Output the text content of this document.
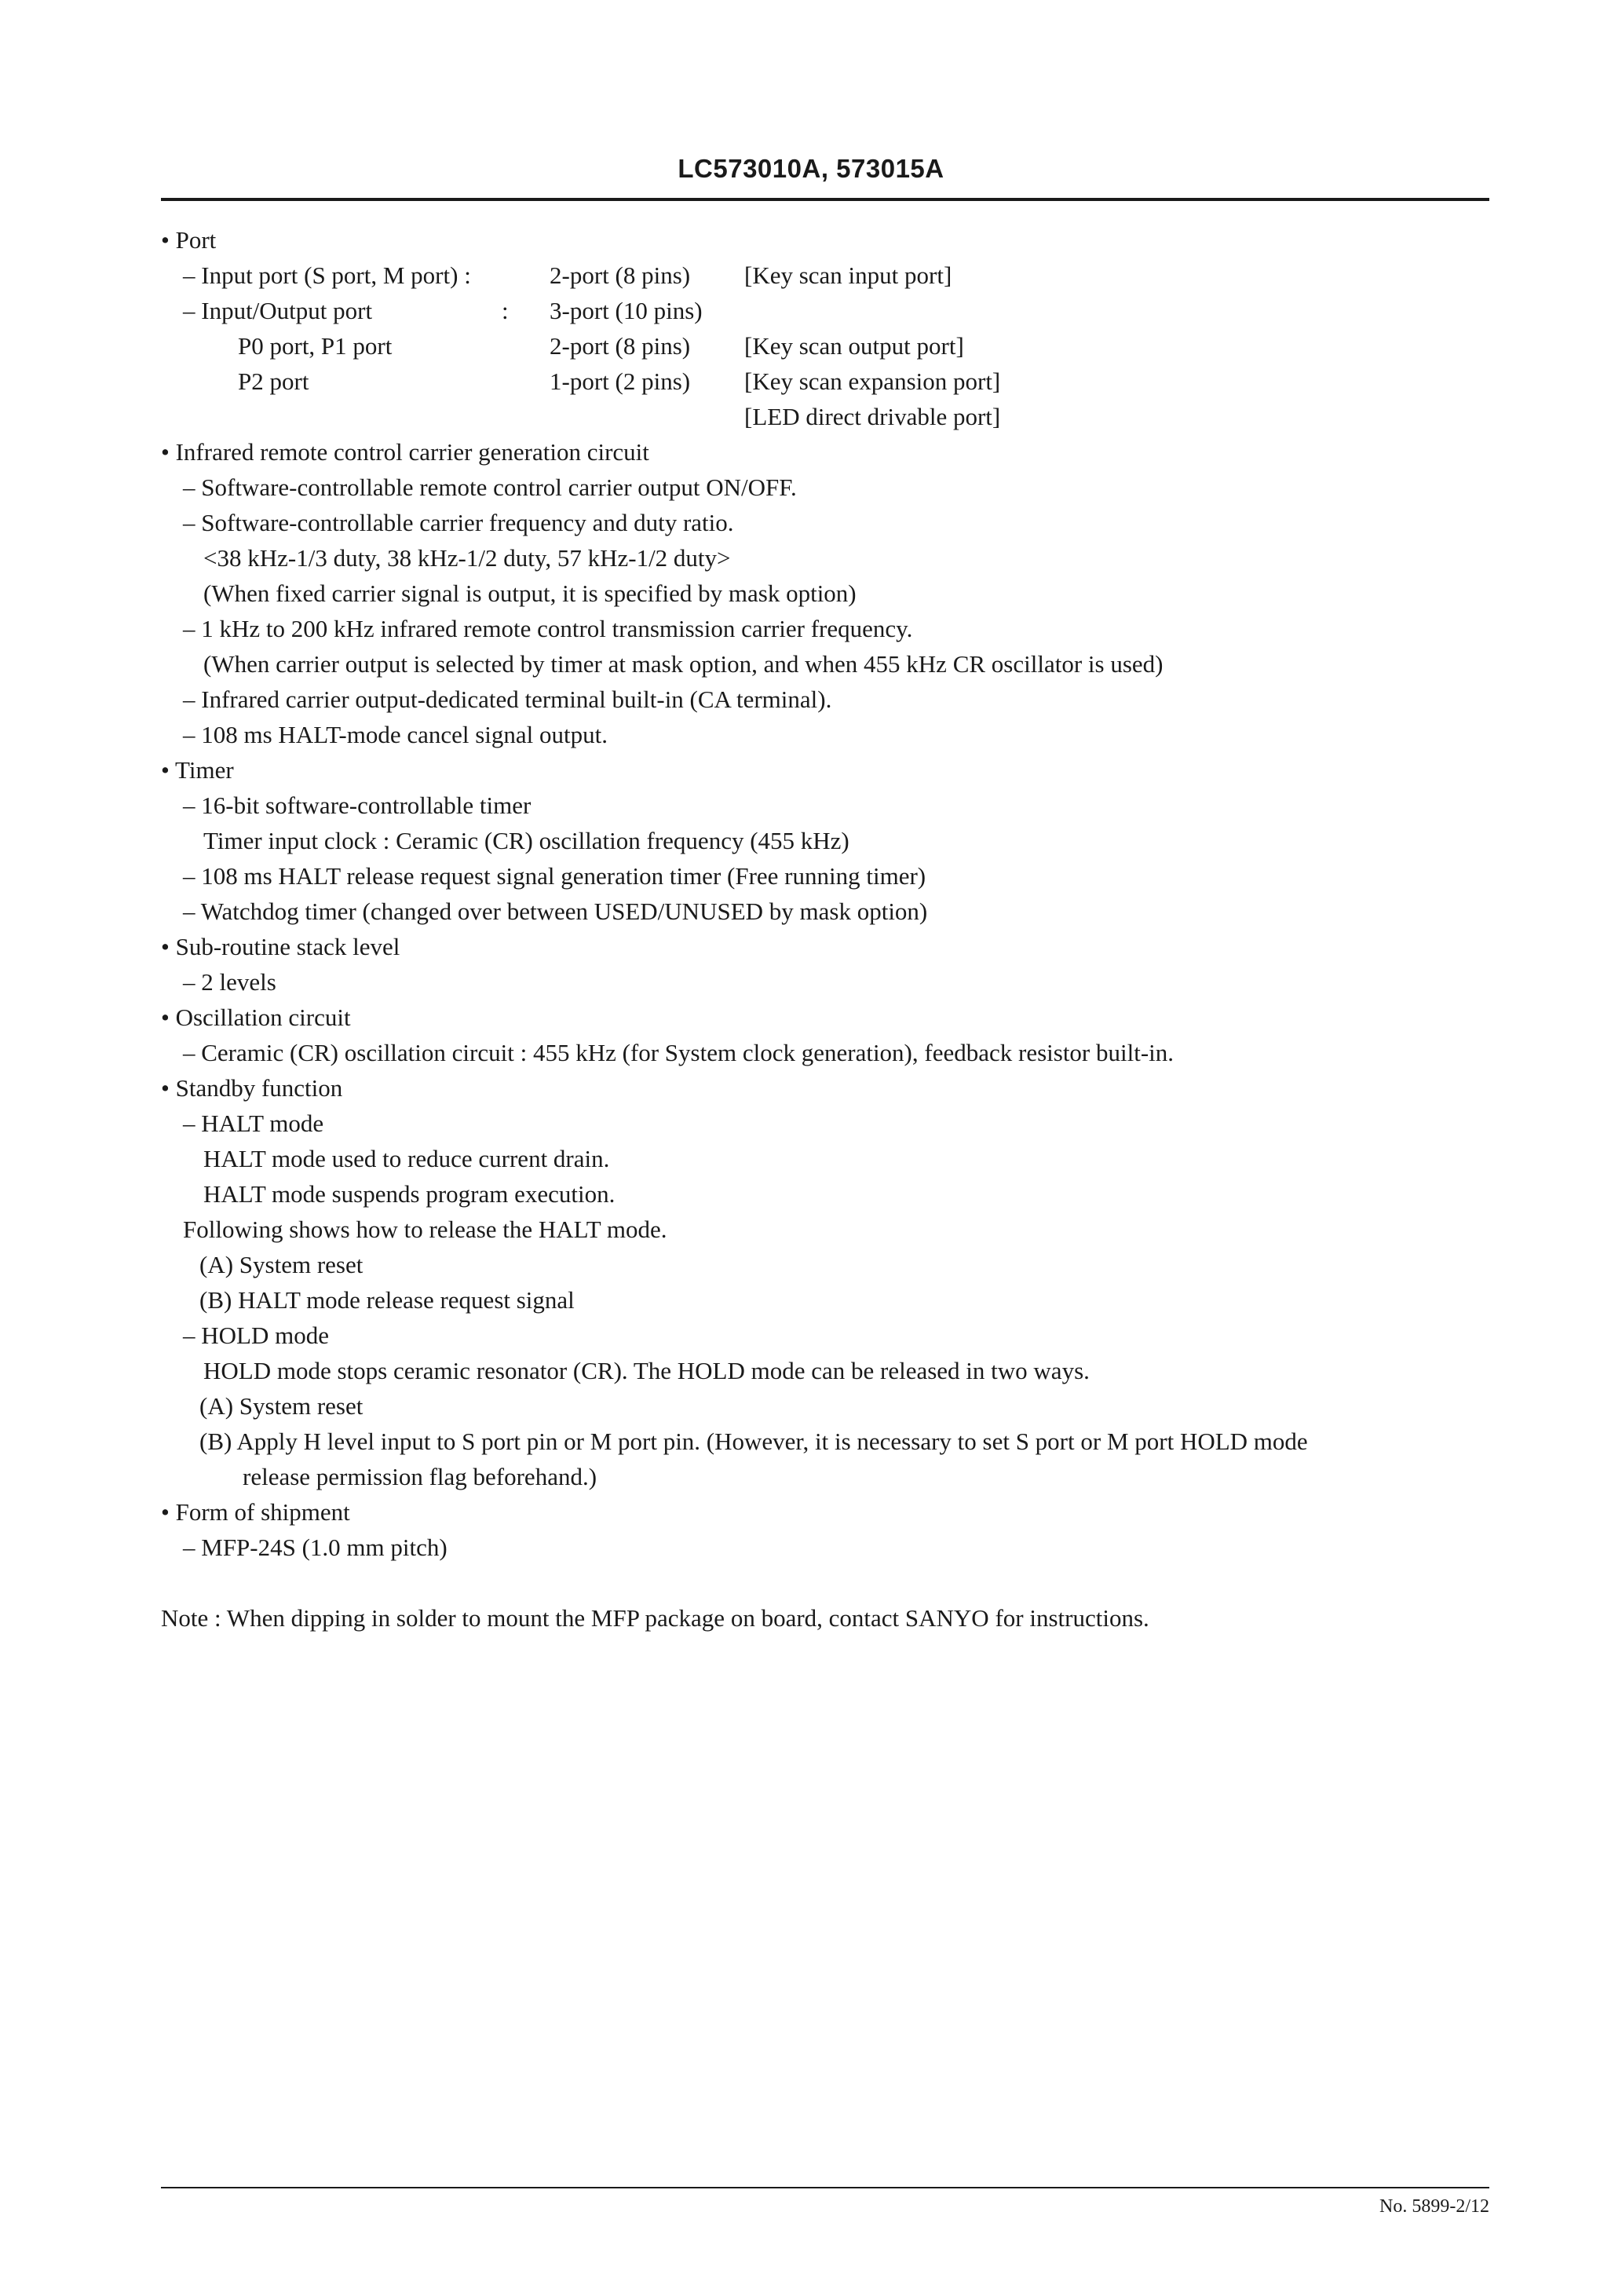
LC573010A, 573015A
• Port
– Input port (S port, M port) :	2-port (8 pins) [Key scan input port]
– Input/Output port	: 3-port (10 pins)
P0 port, P1 port	2-port (8 pins) [Key scan output port]
P2 port	1-port (2 pins) [Key scan expansion port]
[LED direct drivable port]
• Infrared remote control carrier generation circuit
– Software-controllable remote control carrier output ON/OFF.
– Software-controllable carrier frequency and duty ratio.
<38 kHz-1/3 duty, 38 kHz-1/2 duty, 57 kHz-1/2 duty>
(When fixed carrier signal is output, it is specified by mask option)
– 1 kHz to 200 kHz infrared remote control transmission carrier frequency.
(When carrier output is selected by timer at mask option, and when 455 kHz CR oscillator is used)
– Infrared carrier output-dedicated terminal built-in (CA terminal).
– 108 ms HALT-mode cancel signal output.
• Timer
– 16-bit software-controllable timer
Timer input clock : Ceramic (CR) oscillation frequency (455 kHz)
– 108 ms HALT release request signal generation timer (Free running timer)
– Watchdog timer (changed over between USED/UNUSED by mask option)
• Sub-routine stack level
– 2 levels
• Oscillation circuit
– Ceramic (CR) oscillation circuit : 455 kHz (for System clock generation), feedback resistor built-in.
• Standby function
– HALT mode
HALT mode used to reduce current drain.
HALT mode suspends program execution.
Following shows how to release the HALT mode.
(A) System reset
(B) HALT mode release request signal
– HOLD mode
HOLD mode stops ceramic resonator (CR). The HOLD mode can be released in two ways.
(A) System reset
(B) Apply H level input to S port pin or M port pin. (However, it is necessary to set S port or M port HOLD mode
release permission flag beforehand.)
• Form of shipment
– MFP-24S (1.0 mm pitch)
Note : When dipping in solder to mount the MFP package on board, contact SANYO for instructions.
No. 5899-2/12
